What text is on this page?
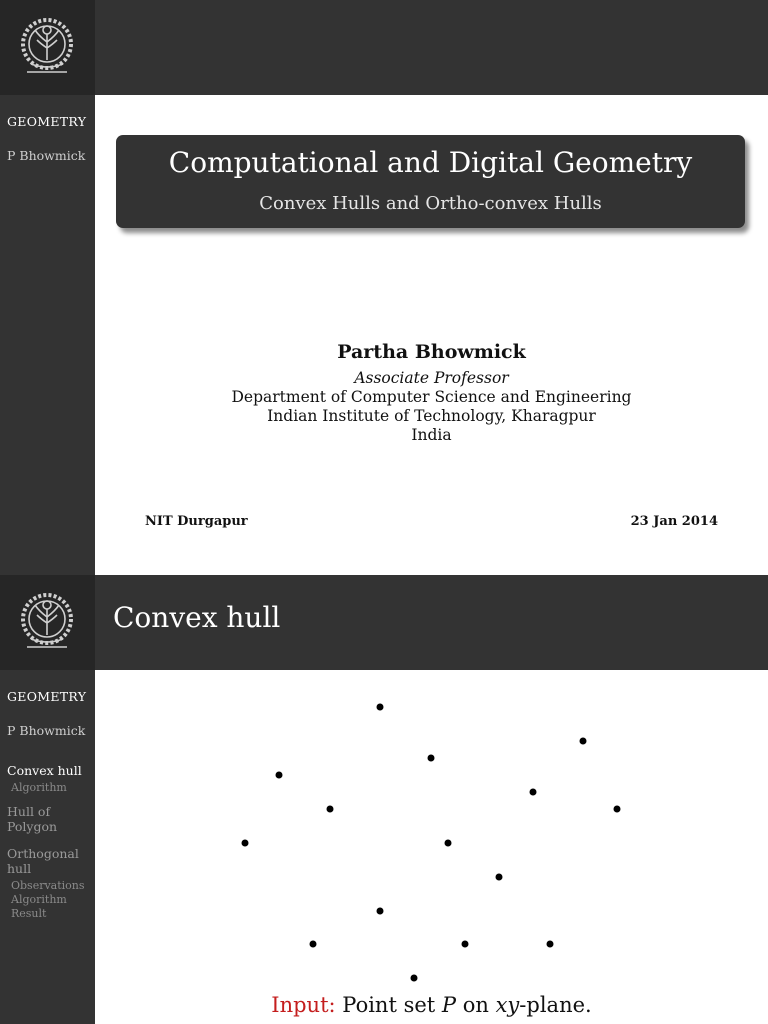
GEOMETRY
P Bhowmick	Computational and Digital Geometry
Convex Hulls and Ortho-convex Hulls
Partha Bhowmick
Associate Professor
Department of Computer Science and Engineering
Indian Institute of Technology, Kharagpur
India
NIT Durgapur	23 Jan 2014
Convex hull
GEOMETRY
P Bhowmick
Convex hull
Algorithm
Hull of Polygon
Orthogonal hull
Observations
Algorithm
Result
Input: Point set P on xy-plane.
